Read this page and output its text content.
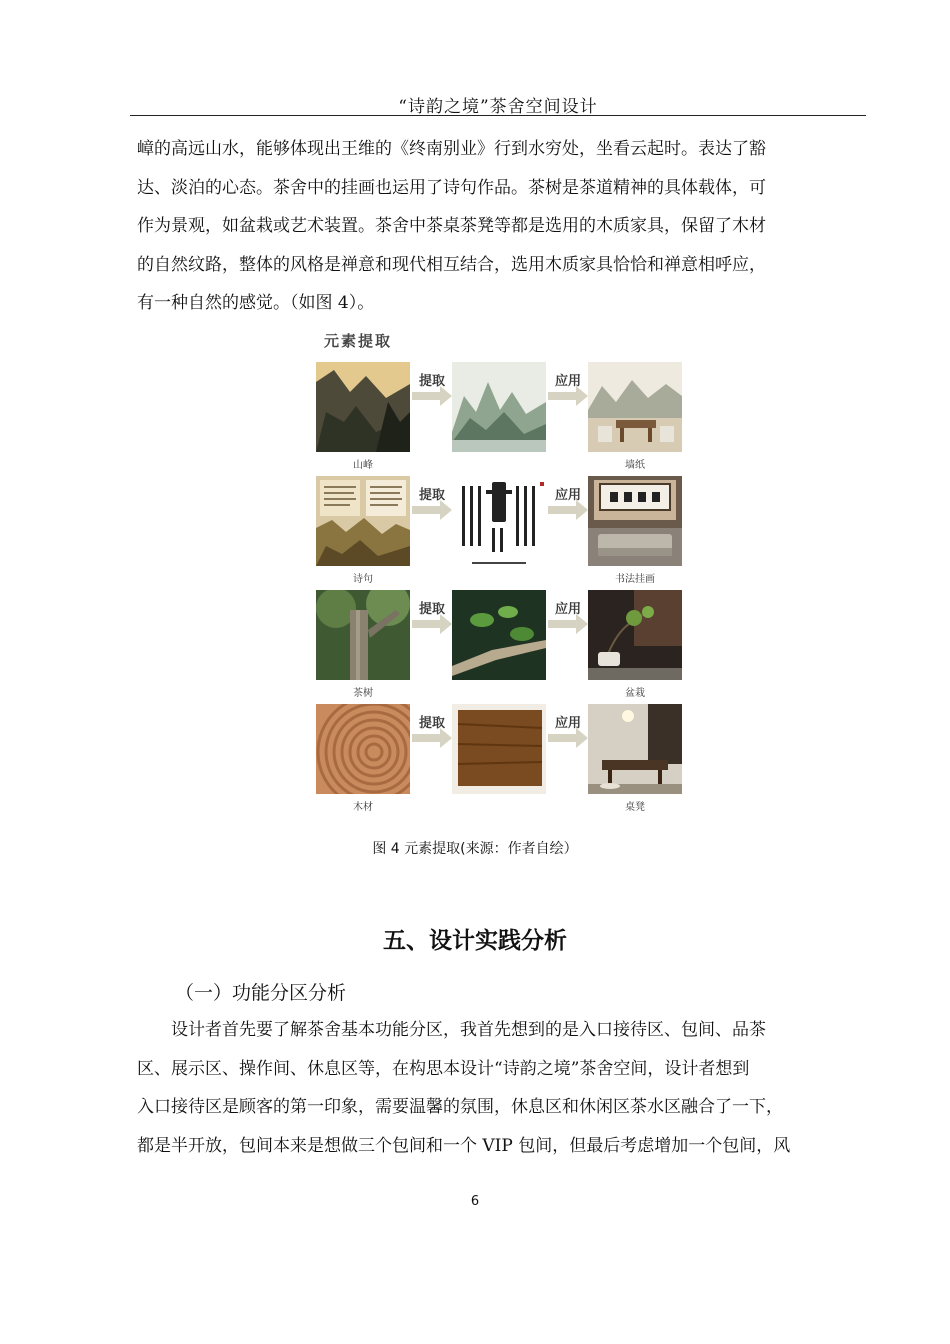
“诗韵之境”茶舍空间设计
嶂的高远山水，能够体现出王维的《终南别业》行到水穷处，坐看云起时。表达了豁
达、淡泊的心态。茶舍中的挂画也运用了诗句作品。茶树是茶道精神的具体载体，可
作为景观，如盆栽或艺术装置。茶舍中茶桌茶凳等都是选用的木质家具，保留了木材
的自然纹路，整体的风格是禅意和现代相互结合，选用木质家具恰恰和禅意相呼应，
有一种自然的感觉。（如图 4）。
元素提取
提取	应用
山峰	墙纸
提取	应用
诗句	书法挂画
提取	应用
茶树	盆栽
提取	应用
木材	桌凳
图 4 元素提取(来源：作者自绘）
五、设计实践分析
（一）功能分区分析
　　设计者首先要了解茶舍基本功能分区，我首先想到的是入口接待区、包间、品茶
区、展示区、操作间、休息区等，在构思本设计“诗韵之境”茶舍空间，设计者想到
入口接待区是顾客的第一印象，需要温馨的氛围，休息区和休闲区茶水区融合了一下，
都是半开放，包间本来是想做三个包间和一个 VIP 包间，但最后考虑增加一个包间，风
6
